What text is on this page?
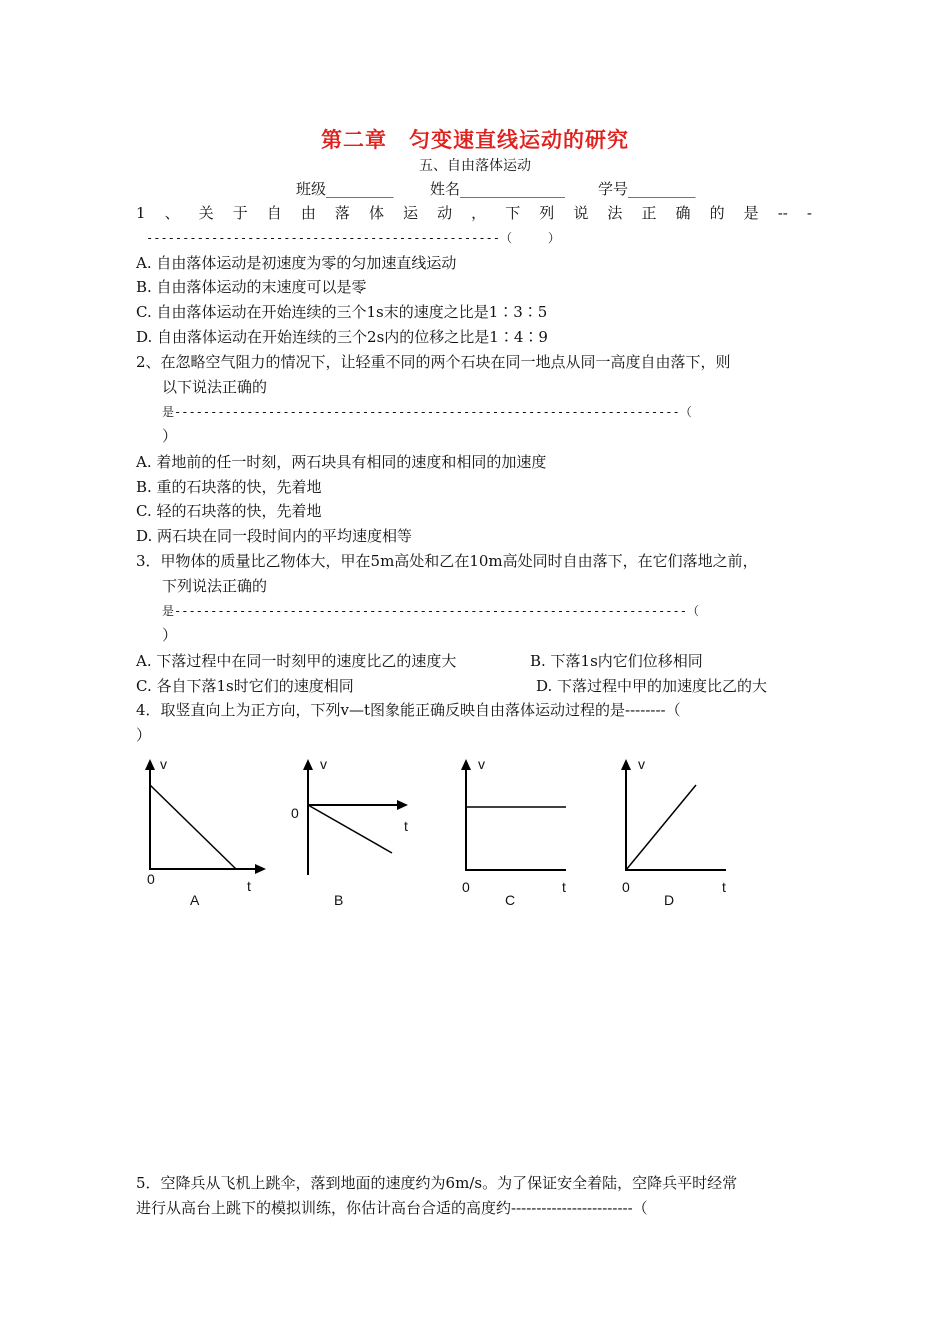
第二章　匀变速直线运动的研究
五、自由落体运动
班级_________ 姓名______________ 学号_________
1 、 关 于 自 由 落 体 运 动 ， 下 列 说 法 正 确 的 是 -- -
-------------------------------------------------（　　　）
A. 自由落体运动是初速度为零的匀加速直线运动
B. 自由落体运动的末速度可以是零
C. 自由落体运动在开始连续的三个1s末的速度之比是1∶3∶5
D. 自由落体运动在开始连续的三个2s内的位移之比是1∶4∶9
2、在忽略空气阻力的情况下，让轻重不同的两个石块在同一地点从同一高度自由落下，则
以下说法正确的
是----------------------------------------------------------------------（
）
A. 着地前的任一时刻，两石块具有相同的速度和相同的加速度
B. 重的石块落的快，先着地
C. 轻的石块落的快，先着地
D. 两石块在同一段时间内的平均速度相等
3．甲物体的质量比乙物体大，甲在5m高处和乙在10m高处同时自由落下，在它们落地之前，
下列说法正确的
是-----------------------------------------------------------------------（
）
A. 下落过程中在同一时刻甲的速度比乙的速度大	B. 下落1s内它们位移相同
C. 各自下落1s时它们的速度相同	D. 下落过程中甲的加速度比乙的大
4．取竖直向上为正方向，下列v—t图象能正确反映自由落体运动过程的是--------（
）
v
0	t
A
v
0
t
B
v
0	t
C
v
0	t
D
5．空降兵从飞机上跳伞，落到地面的速度约为6m/s。为了保证安全着陆，空降兵平时经常
进行从高台上跳下的模拟训练，你估计高台合适的高度约------------------------（
